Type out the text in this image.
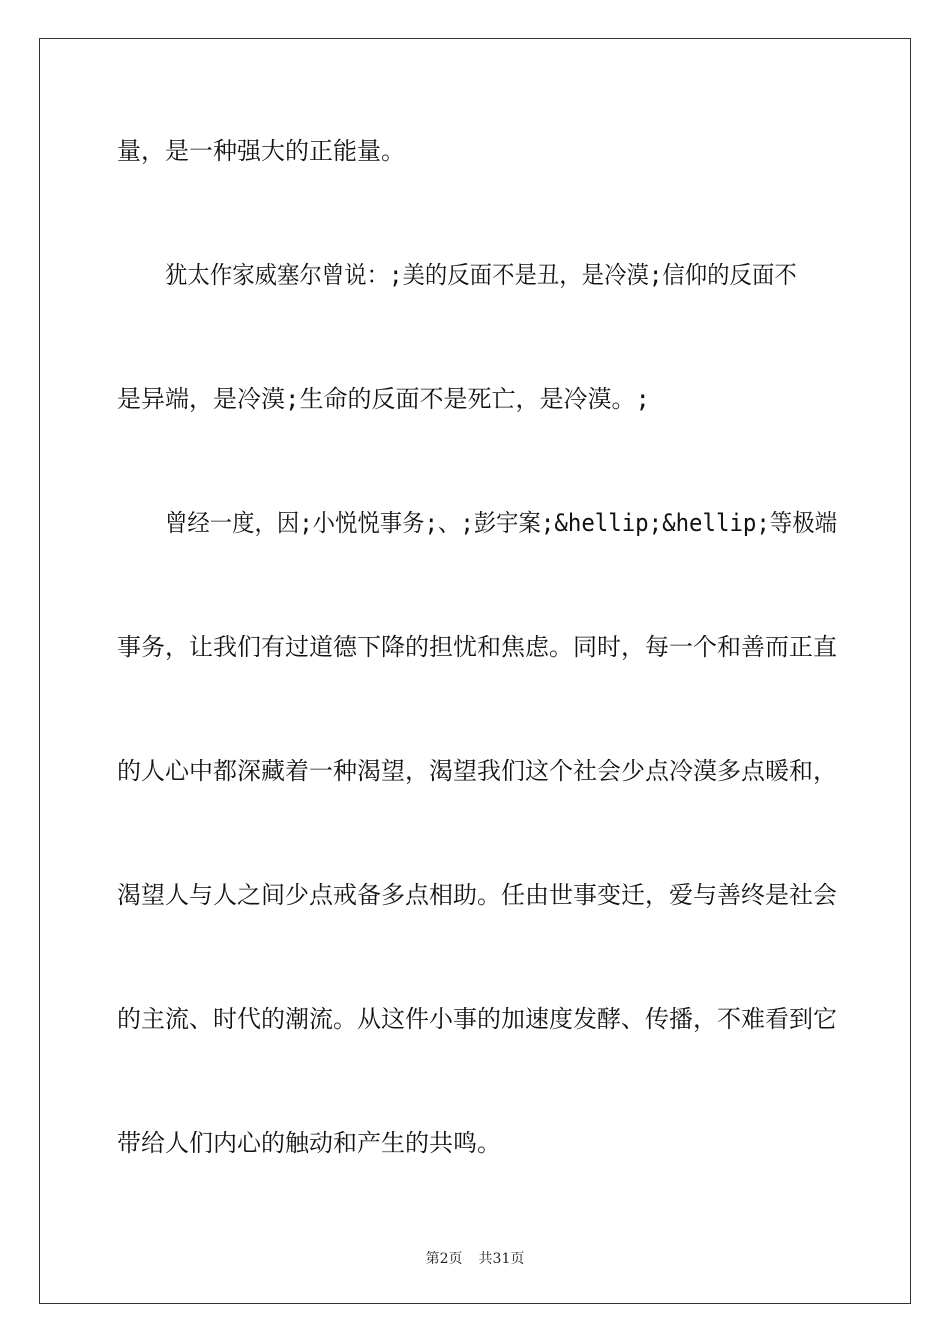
量，是一种强大的正能量。
犹太作家威塞尔曾说：;美的反面不是丑，是冷漠;信仰的反面不
是异端，是冷漠;生命的反面不是死亡，是冷漠。;
曾经一度，因;小悦悦事务;、;彭宇案;&hellip;&hellip;等极端
事务，让我们有过道德下降的担忧和焦虑。同时，每一个和善而正直
的人心中都深藏着一种渴望，渴望我们这个社会少点冷漠多点暖和，
渴望人与人之间少点戒备多点相助。任由世事变迁，爱与善终是社会
的主流、时代的潮流。从这件小事的加速度发酵、传播，不难看到它
带给人们内心的触动和产生的共鸣。
第2页 共31页
